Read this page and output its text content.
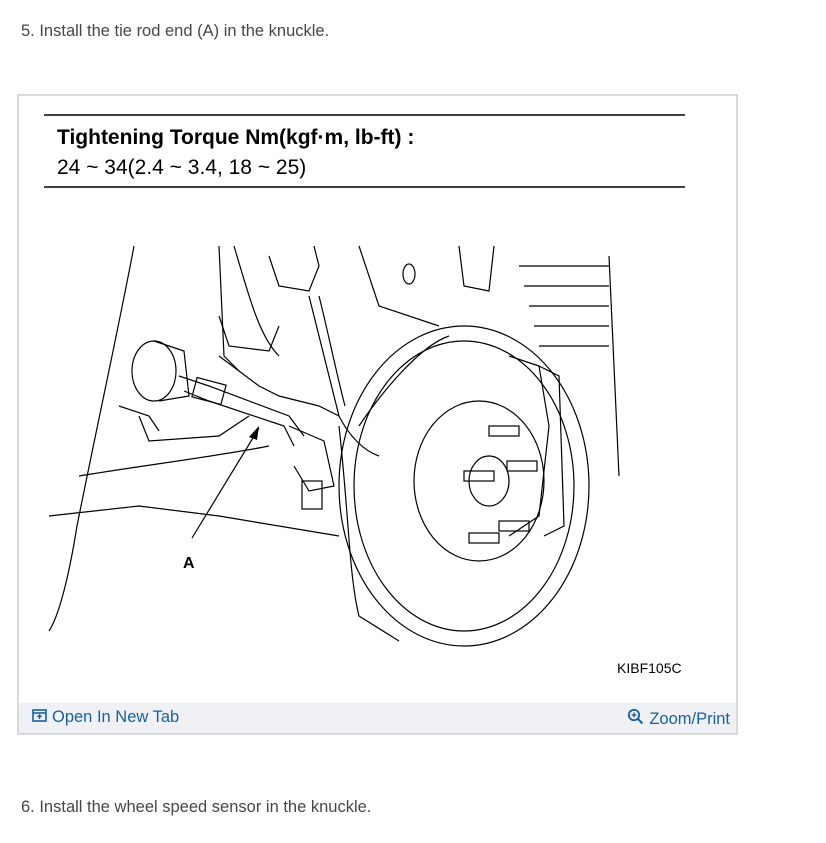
5. Install the tie rod end (A) in the knuckle.
Tightening Torque Nm(kgf·m, lb-ft) :
24 ~ 34(2.4 ~ 3.4, 18 ~ 25)
A
KIBF105C
Open In New Tab	Zoom/Print
6. Install the wheel speed sensor in the knuckle.
